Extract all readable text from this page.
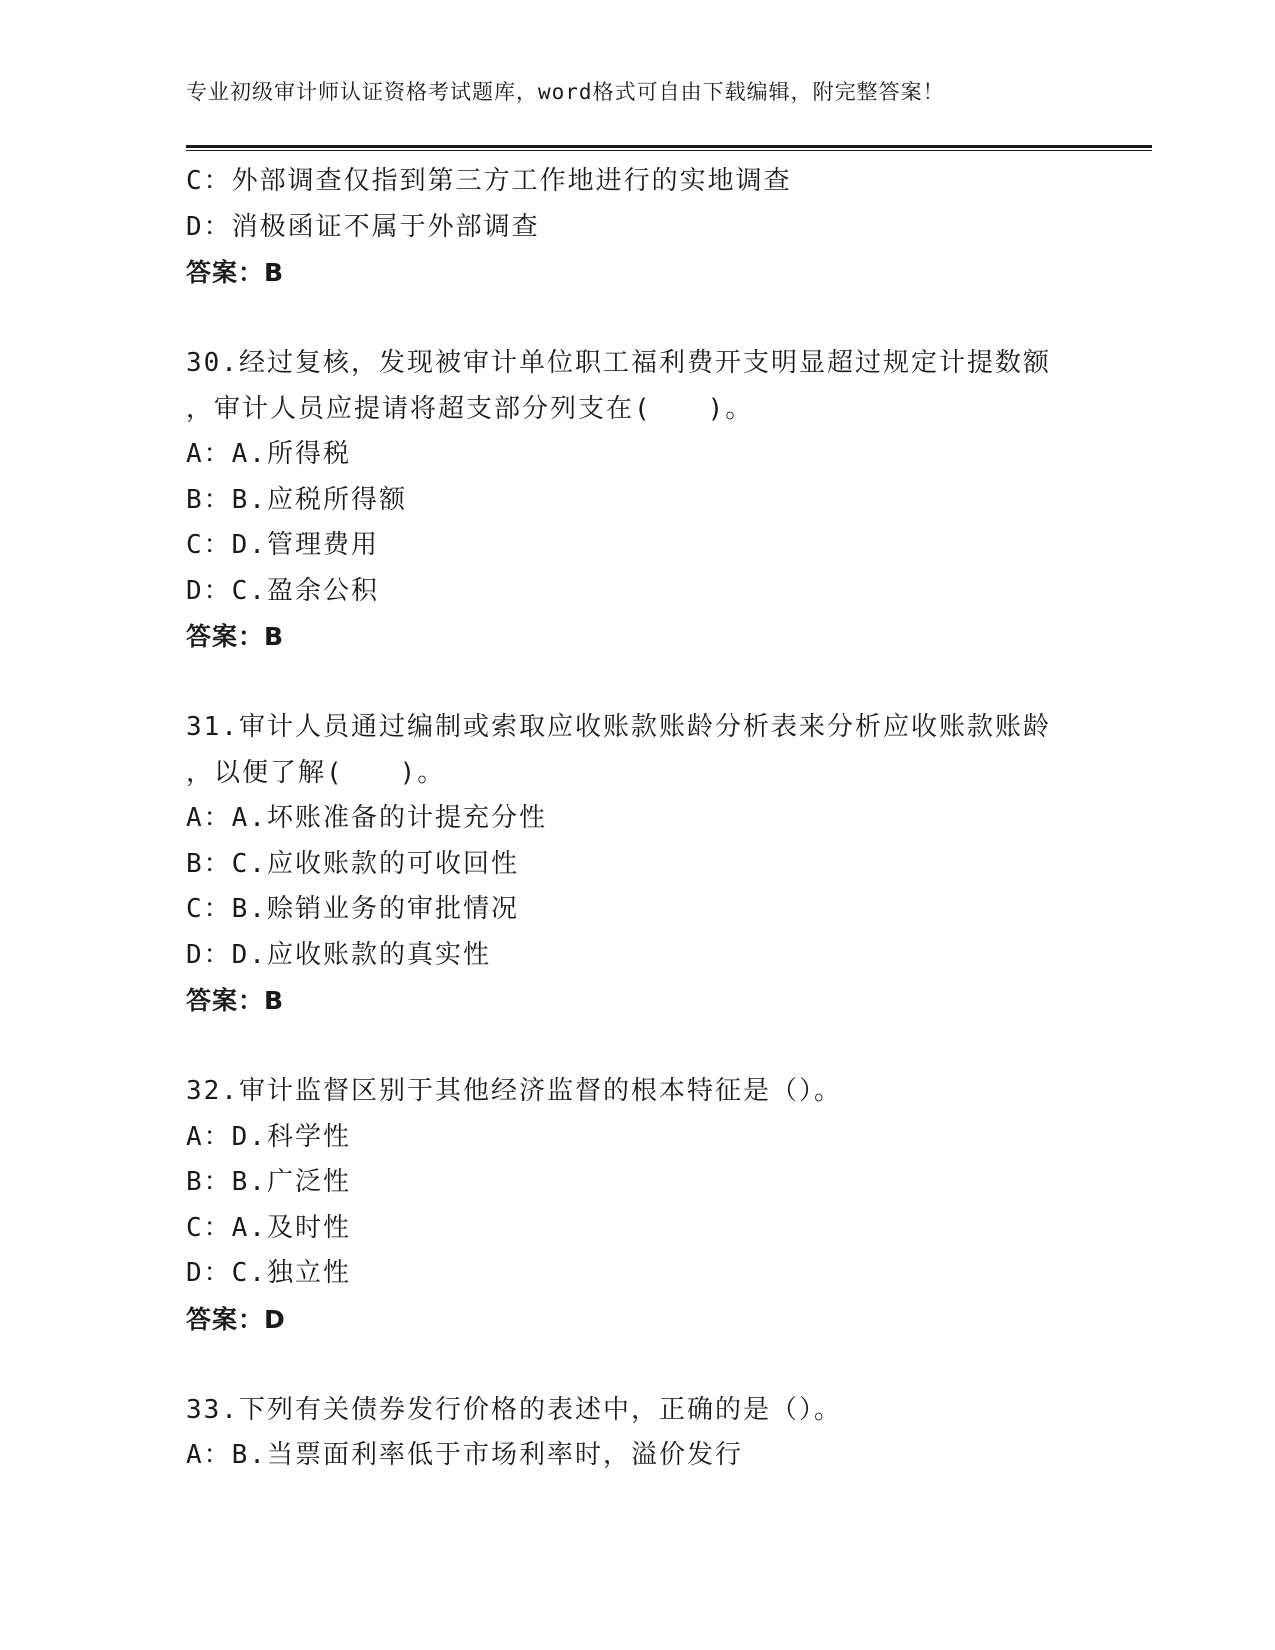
专业初级审计师认证资格考试题库，word格式可自由下载编辑，附完整答案！
C：外部调查仅指到第三方工作地进行的实地调查
D：消极函证不属于外部调查
答案：B
30.经过复核，发现被审计单位职工福利费开支明显超过规定计提数额
，审计人员应提请将超支部分列支在(　　)。
A：A.所得税
B：B.应税所得额
C：D.管理费用
D：C.盈余公积
答案：B
31.审计人员通过编制或索取应收账款账龄分析表来分析应收账款账龄
，以便了解(　　)。
A：A.坏账准备的计提充分性
B：C.应收账款的可收回性
C：B.赊销业务的审批情况
D：D.应收账款的真实性
答案：B
32.审计监督区别于其他经济监督的根本特征是（）。
A：D.科学性
B：B.广泛性
C：A.及时性
D：C.独立性
答案：D
33.下列有关债券发行价格的表述中，正确的是（）。
A：B.当票面利率低于市场利率时，溢价发行
